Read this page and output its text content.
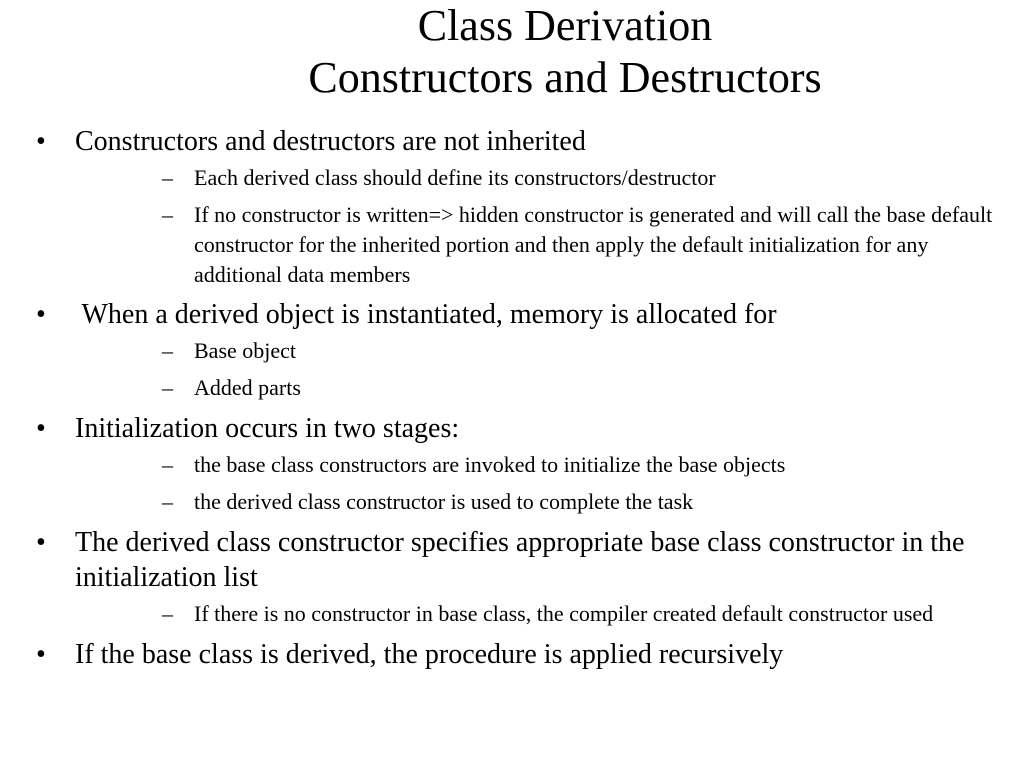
Class Derivation
Constructors and Destructors
• Constructors and destructors are not inherited
– Each derived class should define its constructors/destructor
– If no constructor is written=> hidden constructor is generated and will call the base default constructor for the inherited portion and then apply the default initialization for any additional data members
• When a derived object is instantiated, memory is allocated for
– Base object
– Added parts
• Initialization occurs in two stages:
– the base class constructors are invoked to initialize the base objects
– the derived class constructor is used to complete the task
• The derived class constructor specifies appropriate base class constructor in the initialization list
– If there is no constructor in base class, the compiler created default constructor used
• If the base class is derived, the procedure is applied recursively
